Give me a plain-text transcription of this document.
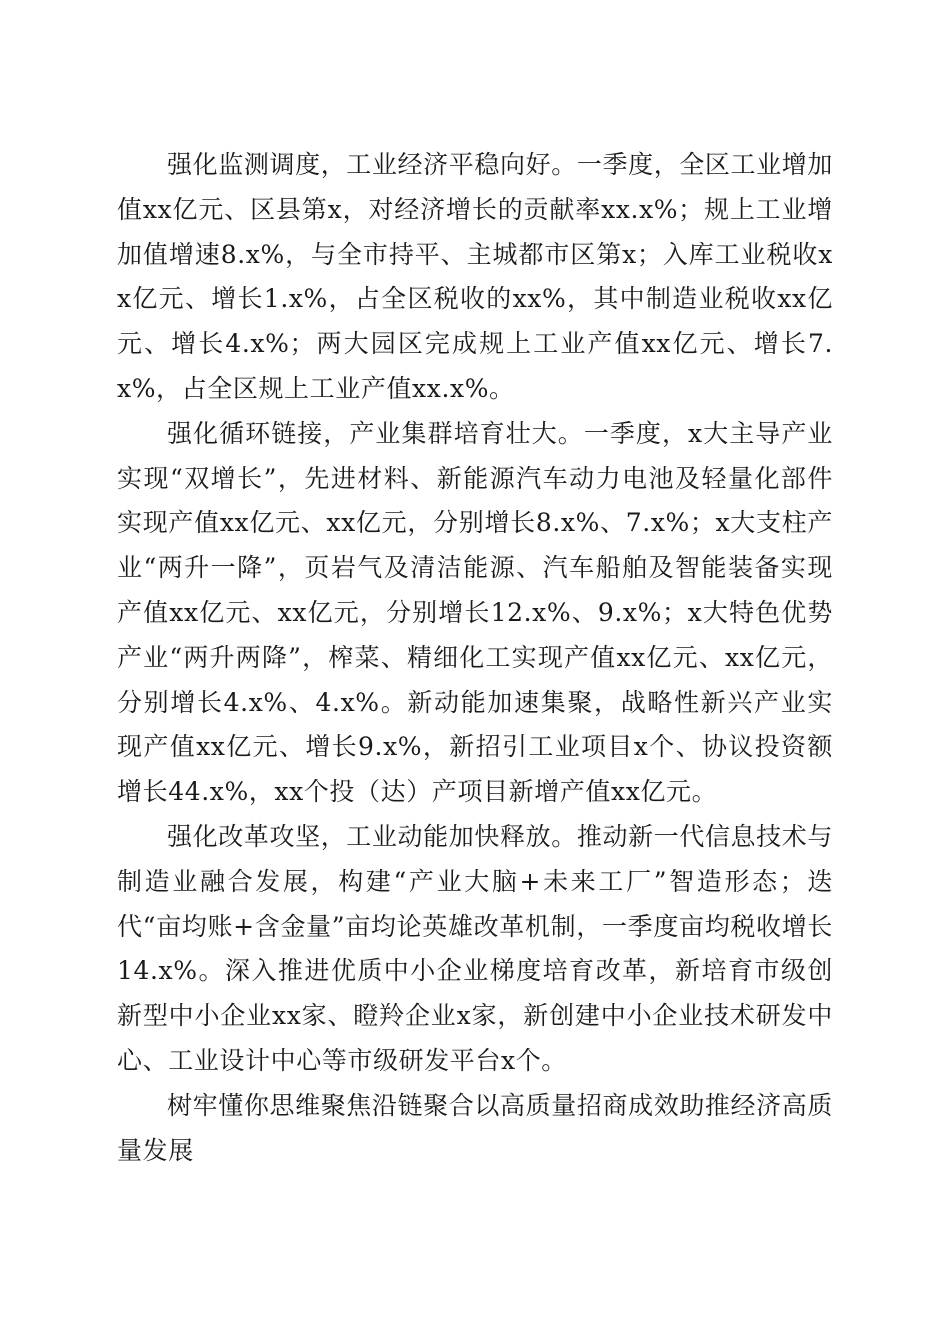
强化监测调度，工业经济平稳向好。一季度，全区工业增加值xx亿元、区县第x，对经济增长的贡献率xx.x%；规上工业增加值增速8.x%，与全市持平、主城都市区第x；入库工业税收xx亿元、增长1.x%，占全区税收的xx%，其中制造业税收xx亿元、增长4.x%；两大园区完成规上工业产值xx亿元、增长7.x%，占全区规上工业产值xx.x%。

强化循环链接，产业集群培育壮大。一季度，x大主导产业实现“双增长”，先进材料、新能源汽车动力电池及轻量化部件实现产值xx亿元、xx亿元，分别增长8.x%、7.x%；x大支柱产业“两升一降”，页岩气及清洁能源、汽车船舶及智能装备实现产值xx亿元、xx亿元，分别增长12.x%、9.x%；x大特色优势产业“两升两降”，榨菜、精细化工实现产值xx亿元、xx亿元，分别增长4.x%、4.x%。新动能加速集聚，战略性新兴产业实现产值xx亿元、增长9.x%，新招引工业项目x个、协议投资额增长44.x%，xx个投（达）产项目新增产值xx亿元。

强化改革攻坚，工业动能加快释放。推动新一代信息技术与制造业融合发展，构建“产业大脑+未来工厂”智造形态；迭代“亩均账+含金量”亩均论英雄改革机制，一季度亩均税收增长14.x%。深入推进优质中小企业梯度培育改革，新培育市级创新型中小企业xx家、瞪羚企业x家，新创建中小企业技术研发中心、工业设计中心等市级研发平台x个。

树牢懂你思维聚焦沿链聚合以高质量招商成效助推经济高质量发展
